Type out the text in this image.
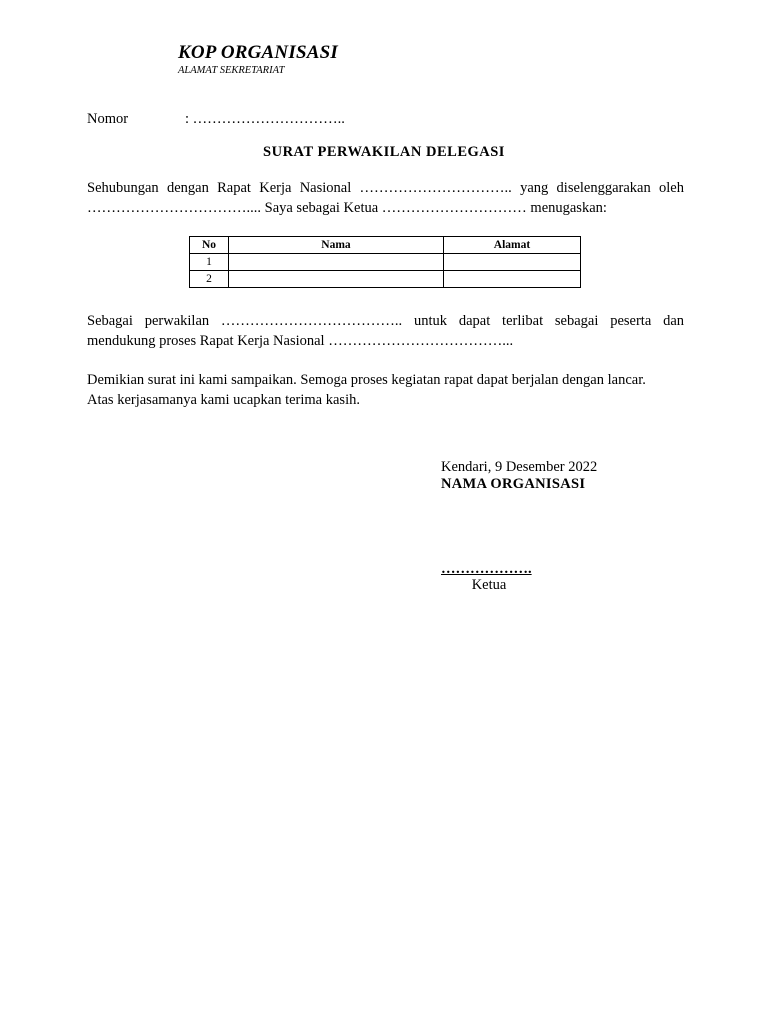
KOP ORGANISASI
ALAMAT SEKRETARIAT
Nomor	: …………………………..
SURAT PERWAKILAN DELEGASI
Sehubungan dengan Rapat Kerja Nasional ………………………….. yang diselenggarakan oleh
…………………………….... Saya sebagai Ketua ………………………… menugaskan:
No	Nama	Alamat
1		
2		
Sebagai perwakilan ……………………………….. untuk dapat terlibat sebagai peserta dan
mendukung proses Rapat Kerja Nasional ………………………………...
Demikian surat ini kami sampaikan. Semoga proses kegiatan rapat dapat berjalan dengan lancar.
Atas kerjasamanya kami ucapkan terima kasih.
Kendari, 9 Desember 2022
NAMA ORGANISASI
……………….
Ketua
